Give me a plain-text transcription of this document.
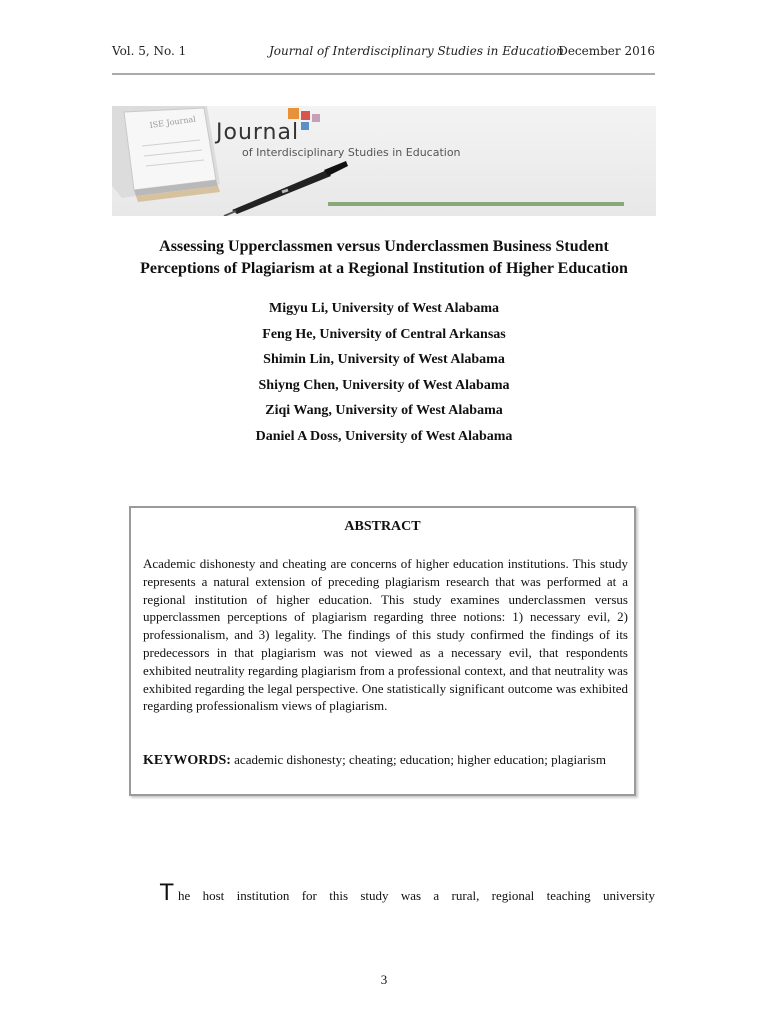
Vol. 5, No. 1	Journal of Interdisciplinary Studies in Education
December 2016
ISE Journal Journal
of Interdisciplinary Studies in Education
Assessing Upperclassmen versus Underclassmen Business Student
Perceptions of Plagiarism at a Regional Institution of Higher Education
Migyu Li, University of West Alabama
Feng He, University of Central Arkansas
Shimin Lin, University of West Alabama
Shiyng Chen, University of West Alabama
Ziqi Wang, University of West Alabama
Daniel A Doss, University of West Alabama
ABSTRACT
Academic dishonesty and cheating are concerns of higher education institutions. This study represents a natural extension of preceding plagiarism research that was performed at a regional institution of higher education. This study examines underclassmen versus upperclassmen perceptions of plagiarism regarding three notions: 1) necessary evil, 2) professionalism, and 3) legality. The findings of this study confirmed the findings of its predecessors in that plagiarism was not viewed as a necessary evil, that respondents exhibited neutrality regarding plagiarism from a professional context, and that neutrality was exhibited regarding the legal perspective. One statistically significant outcome was exhibited regarding professionalism views of plagiarism.
KEYWORDS: academic dishonesty; cheating; education; higher education; plagiarism
T he host institution for this study was a rural, regional teaching university
3
